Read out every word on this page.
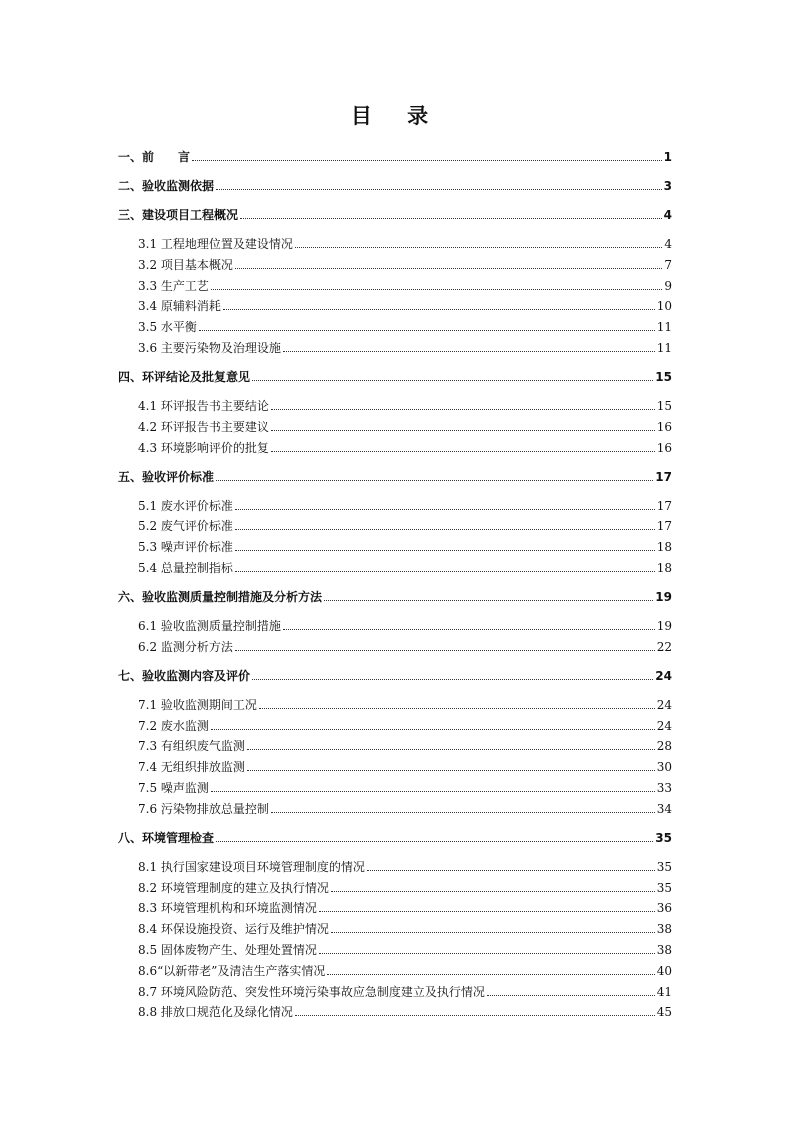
目 录
一、前　　言	1
二、验收监测依据	3
三、建设项目工程概况	4
3.1 工程地理位置及建设情况	4
3.2 项目基本概况	7
3.3 生产工艺	9
3.4 原辅料消耗	10
3.5 水平衡	11
3.6 主要污染物及治理设施	11
四、环评结论及批复意见	15
4.1 环评报告书主要结论	15
4.2 环评报告书主要建议	16
4.3 环境影响评价的批复	16
五、验收评价标准	17
5.1 废水评价标准	17
5.2 废气评价标准	17
5.3 噪声评价标准	18
5.4 总量控制指标	18
六、验收监测质量控制措施及分析方法	19
6.1 验收监测质量控制措施	19
6.2 监测分析方法	22
七、验收监测内容及评价	24
7.1 验收监测期间工况	24
7.2 废水监测	24
7.3 有组织废气监测	28
7.4 无组织排放监测	30
7.5 噪声监测	33
7.6 污染物排放总量控制	34
八、环境管理检查	35
8.1 执行国家建设项目环境管理制度的情况	35
8.2 环境管理制度的建立及执行情况	35
8.3 环境管理机构和环境监测情况	36
8.4 环保设施投资、运行及维护情况	38
8.5 固体废物产生、处理处置情况	38
8.6“以新带老”及清洁生产落实情况	40
8.7 环境风险防范、突发性环境污染事故应急制度建立及执行情况	41
8.8 排放口规范化及绿化情况	45
